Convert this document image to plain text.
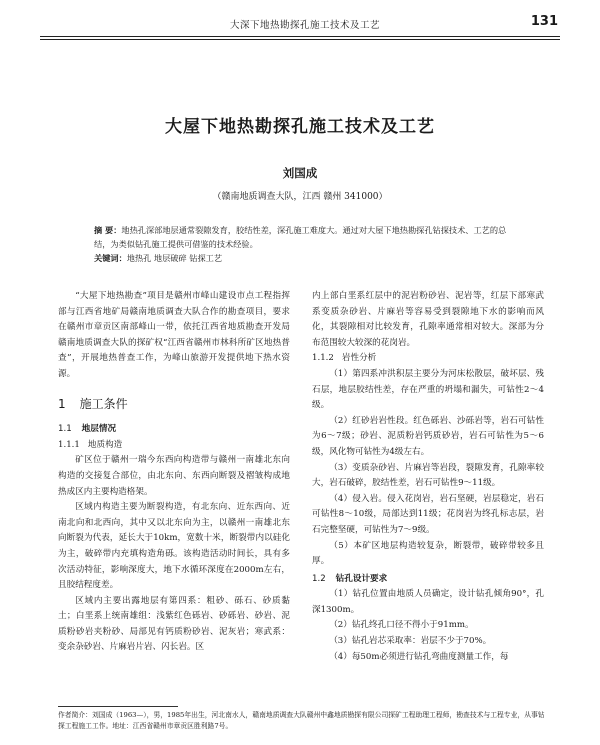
大深下地热勘探孔施工技术及工艺	131
大屋下地热勘探孔施工技术及工艺
刘国成
（赣南地质调查大队，江西 赣州 341000）
摘 要：地热孔深部地层通常裂隙发育，胶结性差，深孔施工难度大。通过对大屋下地热勘探孔钻探技术、工艺的总结，为类似钻孔施工提供可借鉴的技术经验。
关键词：地热孔 地层破碎 钻探工艺

“大屋下地热勘查”项目是赣州市峰山建设市点工程指挥部与江西省地矿局赣南地质调查大队合作的勘查项目，要求在赣州市章贡区南部峰山一带，依托江西省地质勘查开发局赣南地质调查大队的探矿权“江西省赣州市林科所矿区地热普查”，开展地热普查工作，为峰山旅游开发提供地下热水资源。

1 施工条件
1.1 地层情况
1.1.1 地质构造

矿区位于赣州一瑞今东西向构造带与赣州一南雄北东向构造的交接复合部位，由北东向、东西向断裂及褶皱构成地热成区内主要构造格架。

区域内构造主要为断裂构造，有北东向、近东西向、近南北向和北西向，其中又以北东向为主，以赣州一南雄北东向断裂为代表，延长大于10km，宽数十米，断裂带内以硅化为主，破碎带内充填构造角砾。该构造活动时间长，具有多次活动特征，影响深度大，地下水循环深度在2000m左右，且胶结程度差。

区域内主要出露地层有第四系：粗砂、砾石、砂质黏土；白垩系上统南雄组：浅紫红色砾岩、砂砾岩、砂岩、泥质粉砂岩夹粉砂、局部见有钙质粉砂岩、泥灰岩；寒武系：变余杂砂岩、片麻岩片岩、闪长岩。区

内上部白垩系红层中的泥岩粉砂岩、泥岩等，红层下部寒武系变质杂砂岩、片麻岩等容易受到裂隙地下水的影响而风化，其裂隙相对比较发育，孔隙率通常相对较大。深部为分布范围较大较深的花岗岩。

1.1.2 岩性分析

（1）第四系冲洪积层主要分为河床松散层，破坏层、残石层，地层胶结性差，存在严重的坍塌和漏失，可钻性2～4级。

（2）红砂岩岩性段。红色砾岩、沙砾岩等，岩石可钻性为6～7级；砂岩、泥质粉岩钙质砂岩，岩石可钻性为5～6级，风化物可钻性为4级左右。

（3）变质杂砂岩、片麻岩等岩段，裂隙发育，孔隙率较大，岩石破碎，胶结性差，岩石可钻性9～11级。

（4）侵入岩。侵入花岗岩，岩石坚硬，岩层稳定，岩石可钻性8～10级，局部达到11级；花岗岩为终孔标志层，岩石完整坚硬，可钻性为7～9级。

（5）本矿区地层构造较复杂，断裂带，破碎带较多且厚。

1.2 钻孔设计要求

（1）钻孔位置由地质人员确定，设计钻孔倾角90°，孔深1300m。

（2）钻孔终孔口径不得小于91mm。

（3）钻孔岩芯采取率：岩层不少于70%。

（4）每50m必须进行钻孔弯曲度测量工作，每

作者简介：刘国成（1963—），男，1985年出生，河北南水人，赣南地质调查大队赣州中鑫地质勘探有限公司探矿工程助理工程师，勘查技术与工程专业，从事钻探工程施工工作。地址：江西省赣州市章贡区胜利路7号。
